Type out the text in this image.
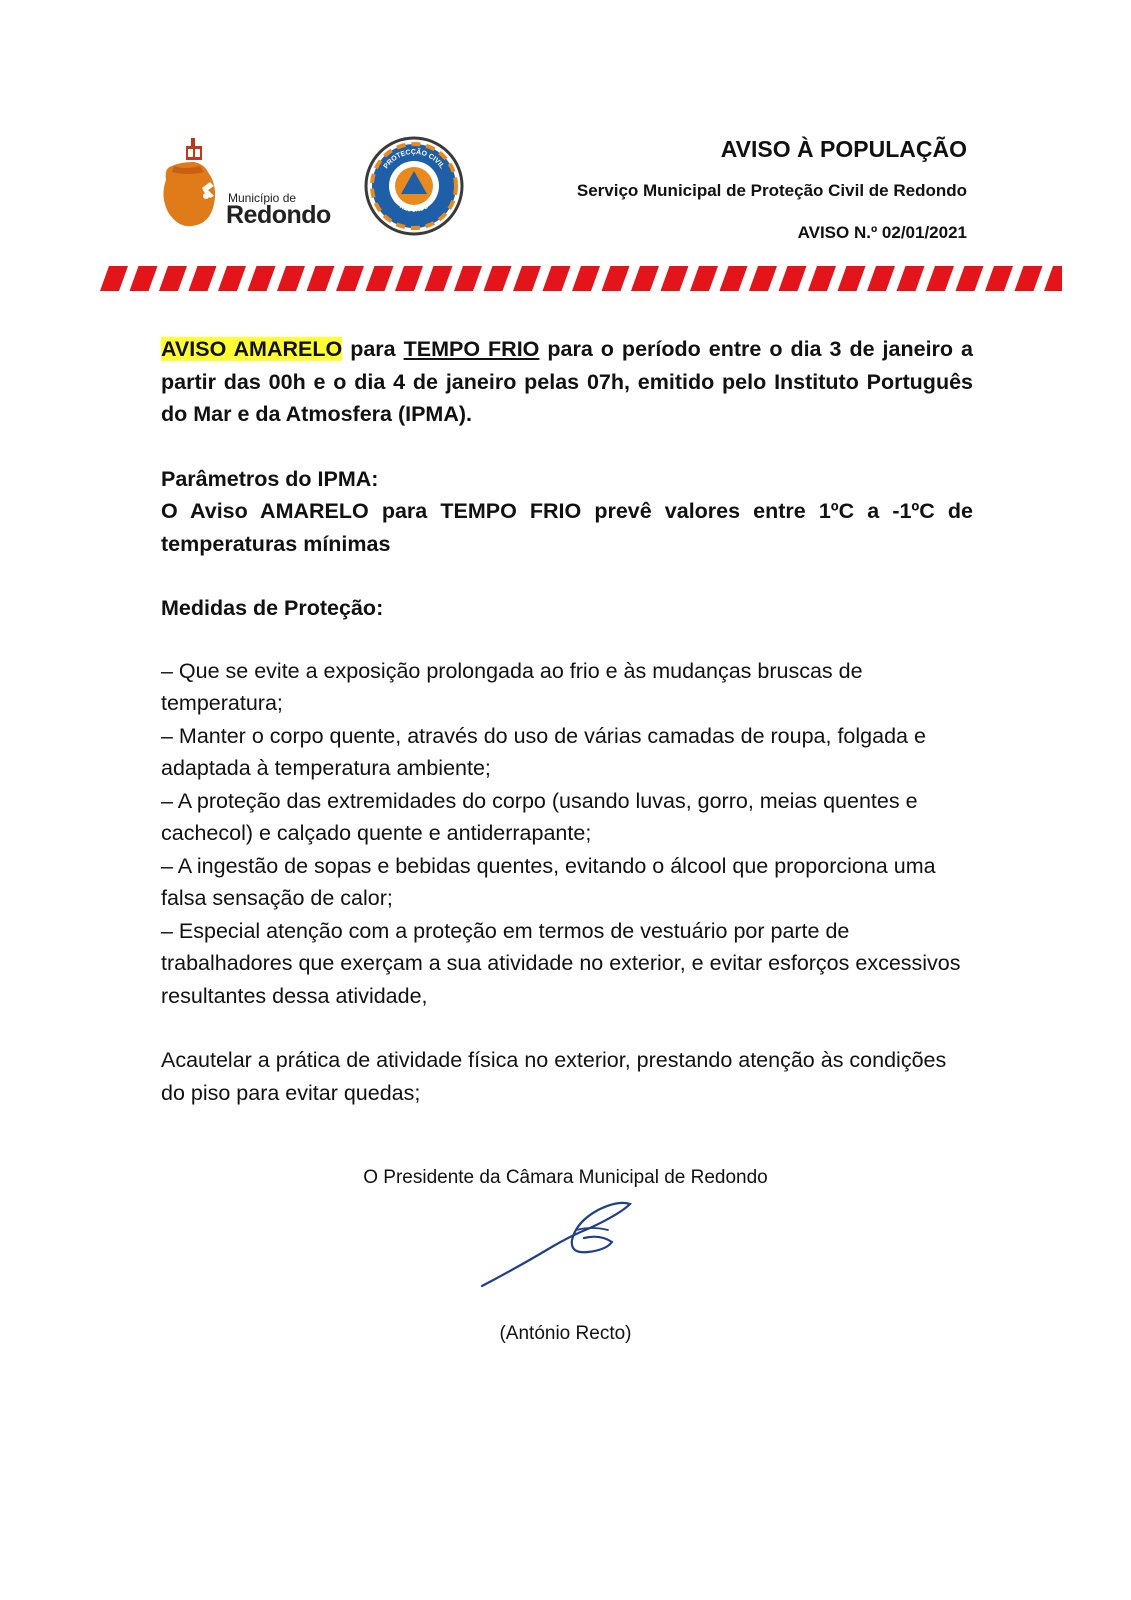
Município de
Redondo
PROTECÇÃO CIVIL
REDONDO

AVISO À POPULAÇÃO

Serviço Municipal de Proteção Civil de Redondo

AVISO N.º 02/01/2021

AVISO AMARELO para TEMPO FRIO para o período entre o dia 3 de janeiro a partir das 00h e o dia 4 de janeiro pelas 07h, emitido pelo Instituto Português do Mar e da Atmosfera (IPMA).

Parâmetros do IPMA:

O Aviso AMARELO para TEMPO FRIO prevê valores entre 1ºC a -1ºC de temperaturas mínimas

Medidas de Proteção:

– Que se evite a exposição prolongada ao frio e às mudanças bruscas de temperatura;

– Manter o corpo quente, através do uso de várias camadas de roupa, folgada e adaptada à temperatura ambiente;

– A proteção das extremidades do corpo (usando luvas, gorro, meias quentes e cachecol) e calçado quente e antiderrapante;

– A ingestão de sopas e bebidas quentes, evitando o álcool que proporciona uma falsa sensação de calor;

– Especial atenção com a proteção em termos de vestuário por parte de trabalhadores que exerçam a sua atividade no exterior, e evitar esforços excessivos resultantes dessa atividade,

Acautelar a prática de atividade física no exterior, prestando atenção às condições do piso para evitar quedas;

O Presidente da Câmara Municipal de Redondo

(António Recto)
